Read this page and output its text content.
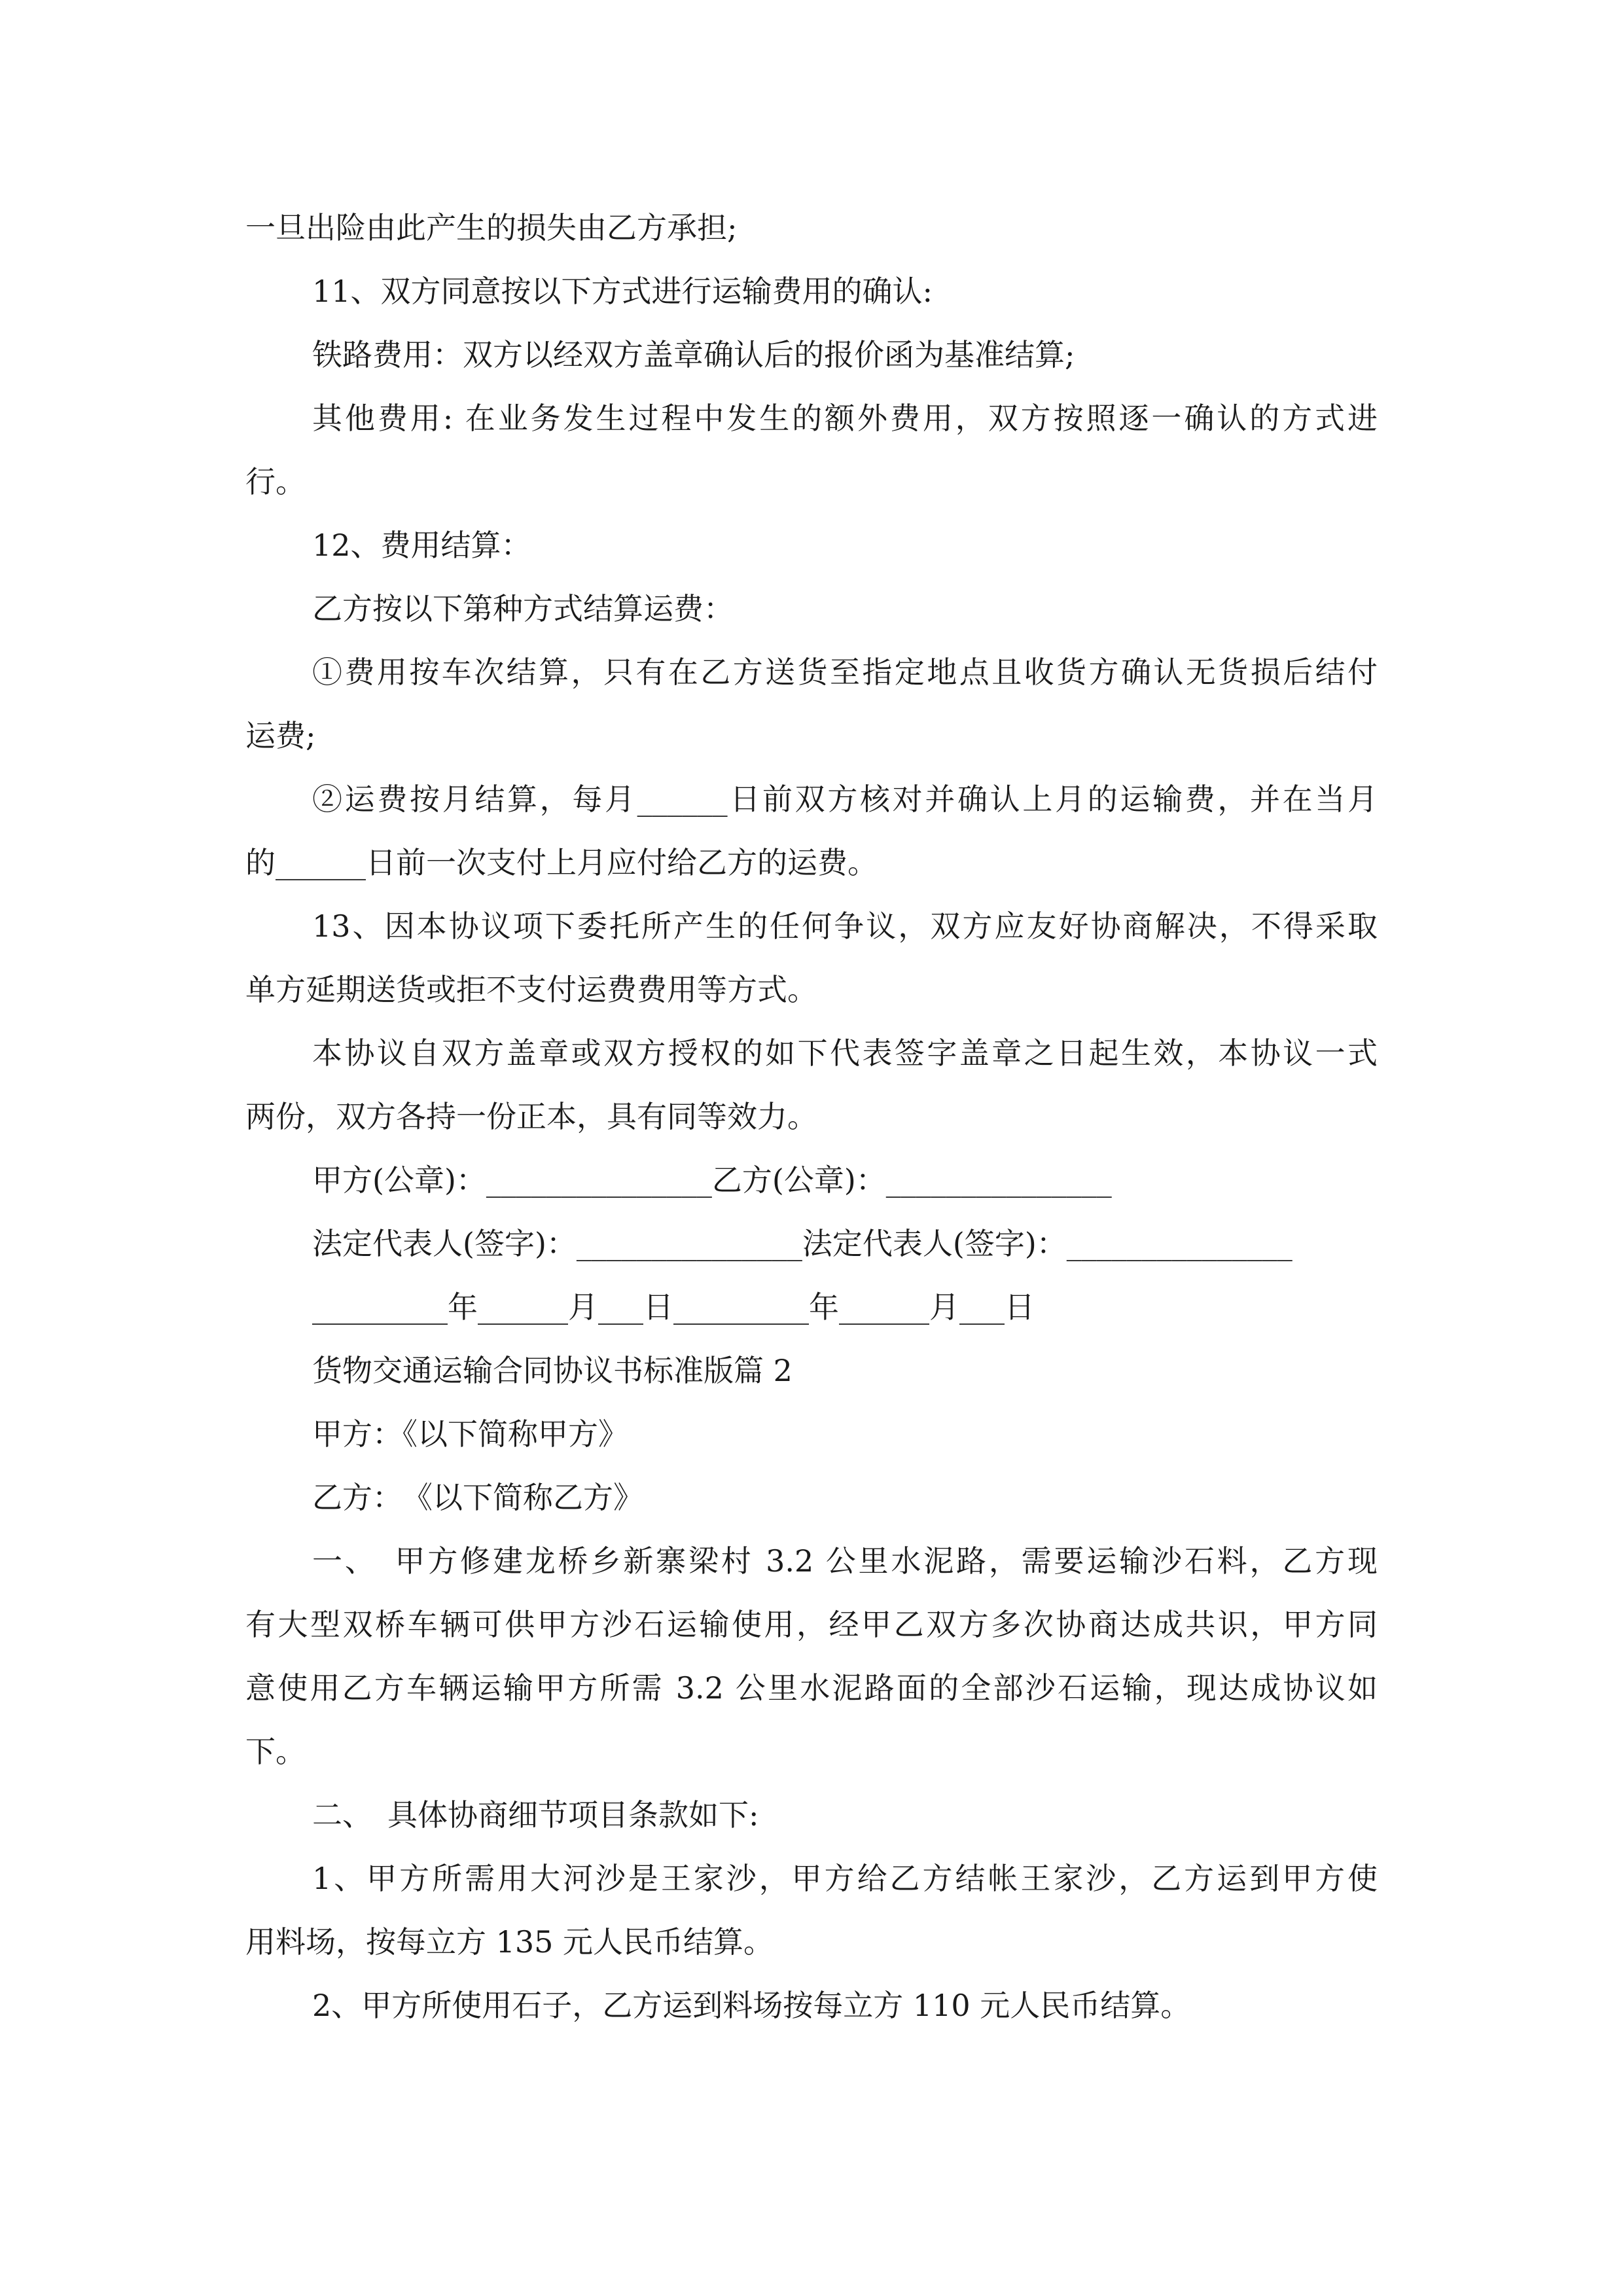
一旦出险由此产生的损失由乙方承担;
11、双方同意按以下方式进行运输费用的确认:
铁路费用：双方以经双方盖章确认后的报价函为基准结算;
其他费用: 在业务发生过程中发生的额外费用，双方按照逐一确认的方式进
行。
12、费用结算：
乙方按以下第种方式结算运费：
①费用按车次结算，只有在乙方送货至指定地点且收货方确认无货损后结付
运费;
②运费按月结算，每月______日前双方核对并确认上月的运输费，并在当月
的______日前一次支付上月应付给乙方的运费。
13、因本协议项下委托所产生的任何争议，双方应友好协商解决，不得采取
单方延期送货或拒不支付运费费用等方式。
本协议自双方盖章或双方授权的如下代表签字盖章之日起生效，本协议一式
两份，双方各持一份正本，具有同等效力。
甲方(公章)：_______________乙方(公章)：_______________
法定代表人(签字)：_______________法定代表人(签字)：_______________
_________年______月___日_________年______月___日
货物交通运输合同协议书标准版篇 2
甲方：《以下简称甲方》
乙方：　《以下简称乙方》
一、　甲方修建龙桥乡新寨梁村 3.2 公里水泥路，需要运输沙石料，乙方现
有大型双桥车辆可供甲方沙石运输使用，经甲乙双方多次协商达成共识，甲方同
意使用乙方车辆运输甲方所需 3.2 公里水泥路面的全部沙石运输，现达成协议如
下。
二、　具体协商细节项目条款如下:
1、甲方所需用大河沙是王家沙，甲方给乙方结帐王家沙，乙方运到甲方使
用料场，按每立方 135 元人民币结算。
2、甲方所使用石子，乙方运到料场按每立方 110 元人民币结算。
